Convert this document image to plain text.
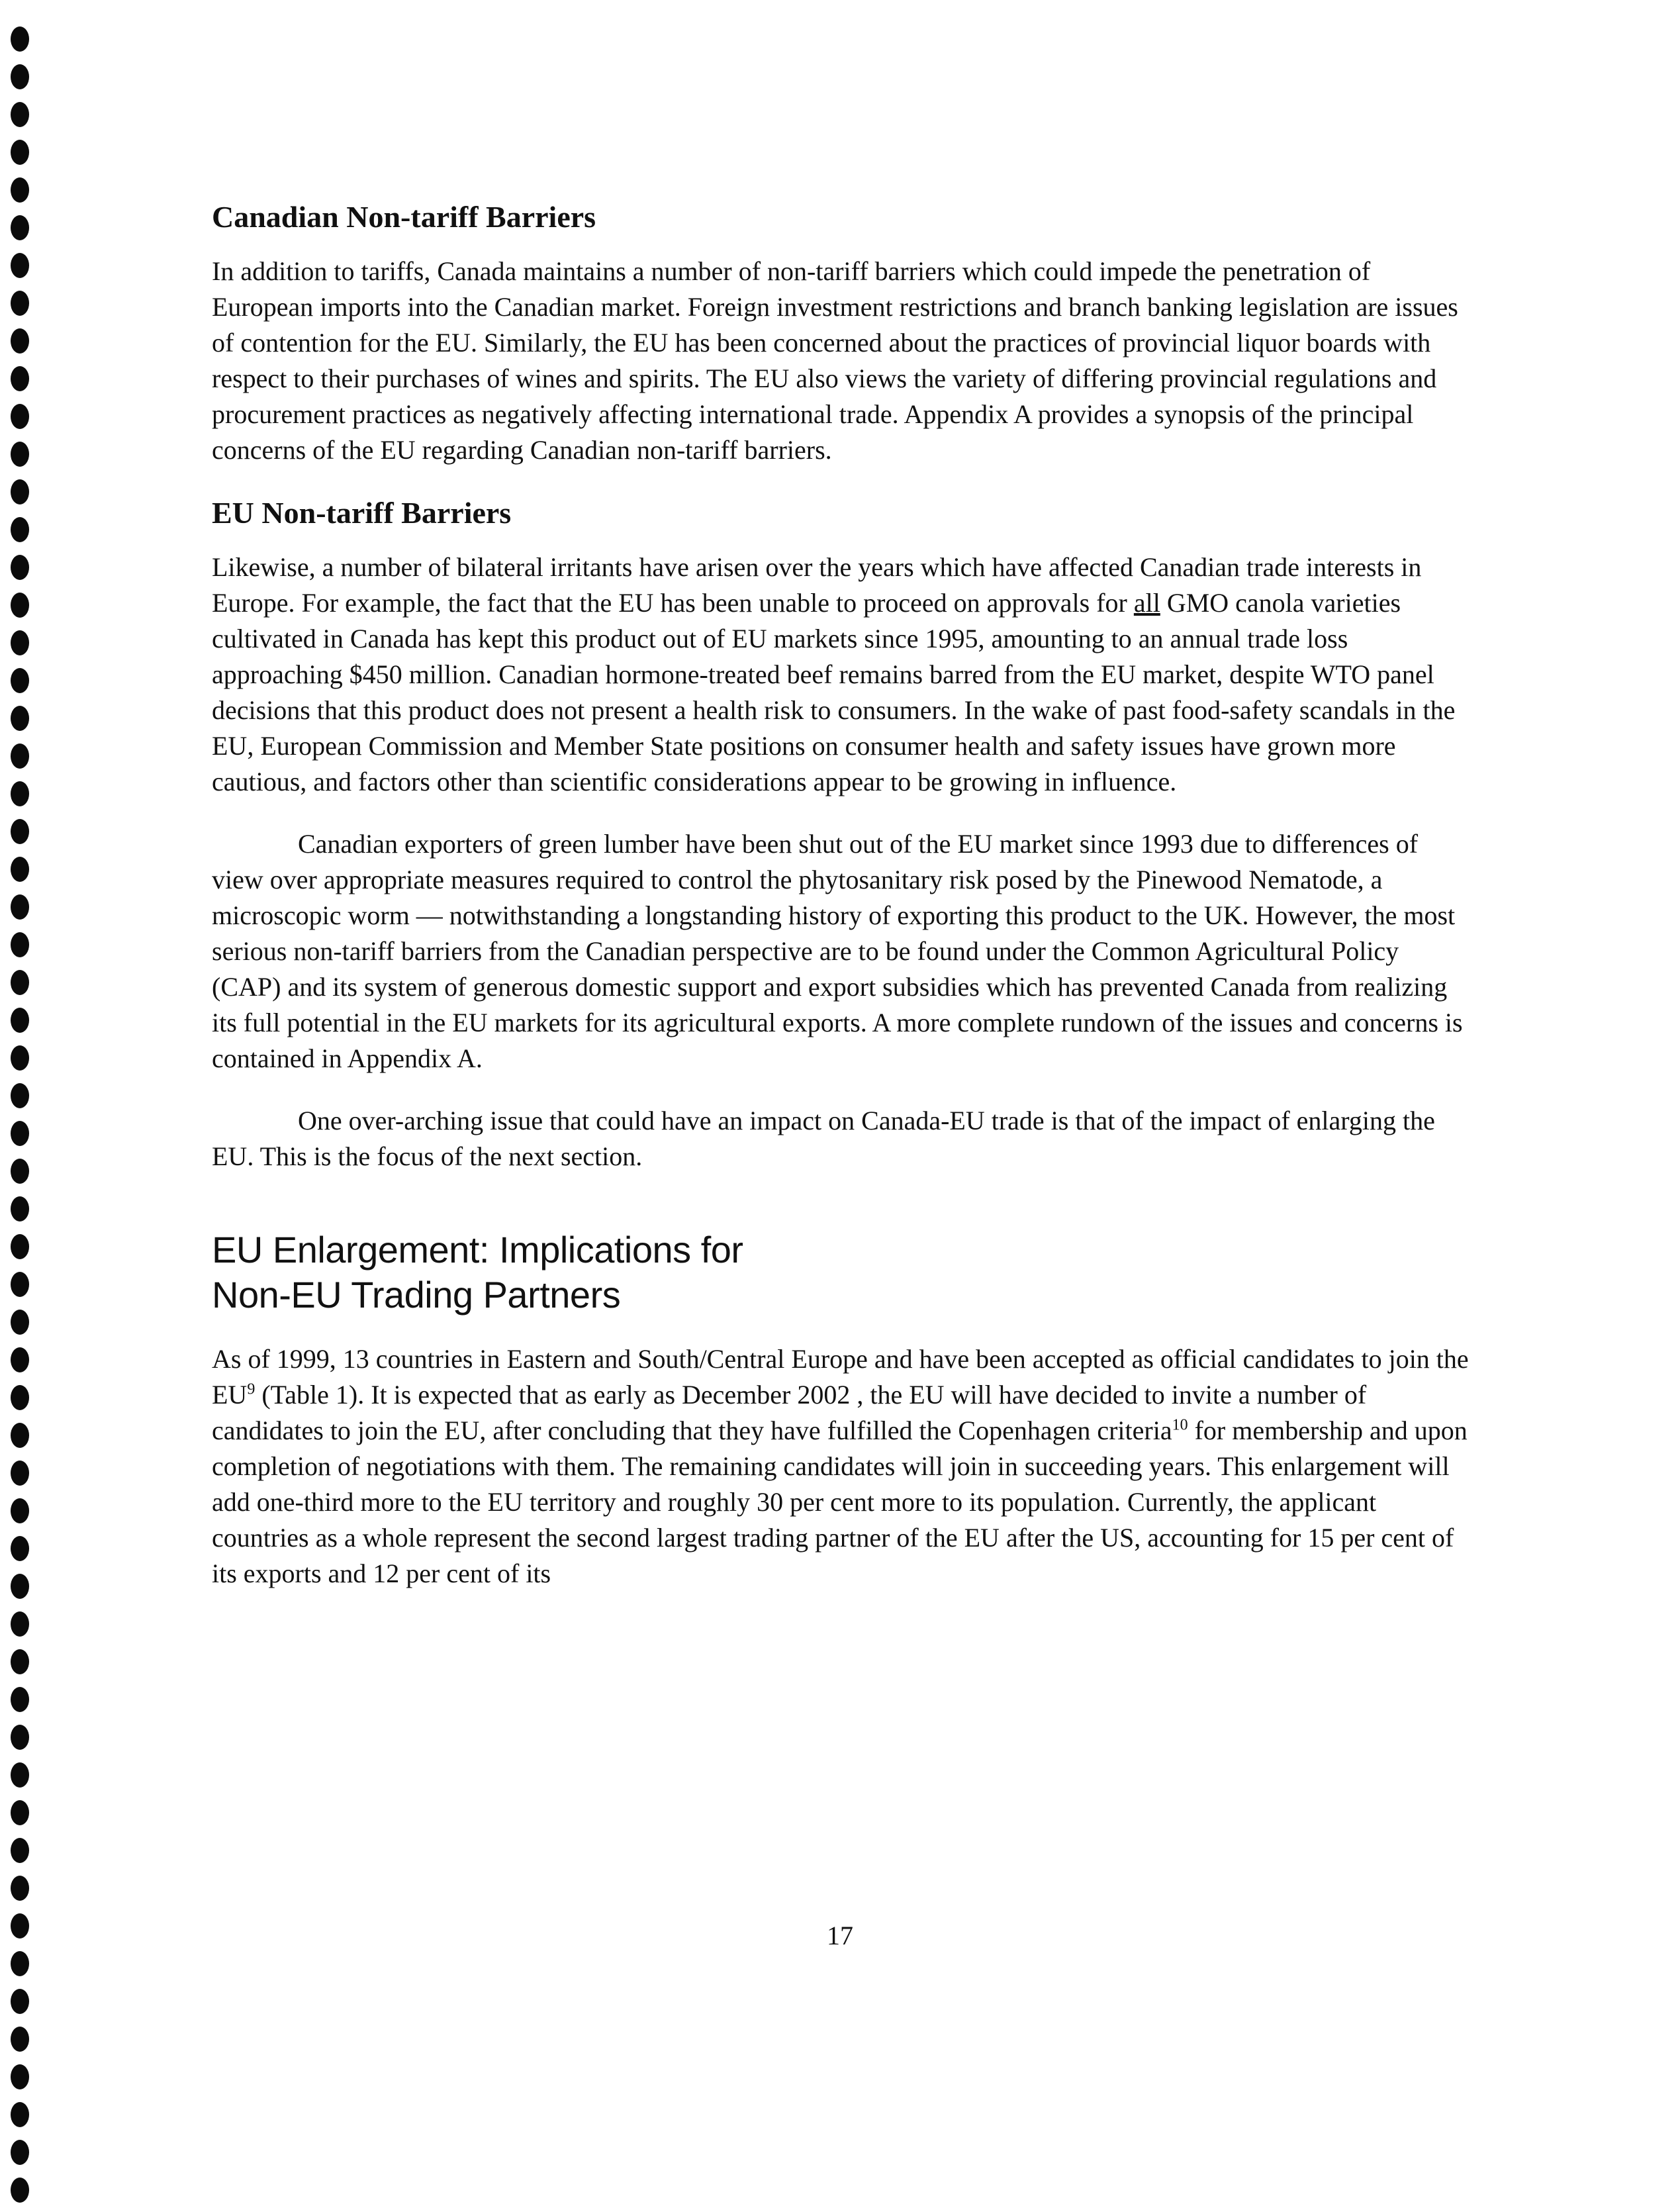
Canadian Non-tariff Barriers

In addition to tariffs, Canada maintains a number of non-tariff barriers which could impede the penetration of European imports into the Canadian market. Foreign investment restrictions and branch banking legislation are issues of contention for the EU. Similarly, the EU has been concerned about the practices of provincial liquor boards with respect to their purchases of wines and spirits. The EU also views the variety of differing provincial regulations and procurement practices as negatively affecting international trade. Appendix A provides a synopsis of the principal concerns of the EU regarding Canadian non-tariff barriers.

EU Non-tariff Barriers

Likewise, a number of bilateral irritants have arisen over the years which have affected Canadian trade interests in Europe. For example, the fact that the EU has been unable to proceed on approvals for all GMO canola varieties cultivated in Canada has kept this product out of EU markets since 1995, amounting to an annual trade loss approaching $450 million. Canadian hormone-treated beef remains barred from the EU market, despite WTO panel decisions that this product does not present a health risk to consumers. In the wake of past food-safety scandals in the EU, European Commission and Member State positions on consumer health and safety issues have grown more cautious, and factors other than scientific considerations appear to be growing in influence.

Canadian exporters of green lumber have been shut out of the EU market since 1993 due to differences of view over appropriate measures required to control the phytosanitary risk posed by the Pinewood Nematode, a microscopic worm — notwithstanding a longstanding history of exporting this product to the UK. However, the most serious non-tariff barriers from the Canadian perspective are to be found under the Common Agricultural Policy (CAP) and its system of generous domestic support and export subsidies which has prevented Canada from realizing its full potential in the EU markets for its agricultural exports. A more complete rundown of the issues and concerns is contained in Appendix A.

One over-arching issue that could have an impact on Canada-EU trade is that of the impact of enlarging the EU. This is the focus of the next section.

EU Enlargement: Implications for
Non-EU Trading Partners

As of 1999, 13 countries in Eastern and South/Central Europe and have been accepted as official candidates to join the $EU^9$ (Table 1). It is expected that as early as December 2002 , the EU will have decided to invite a number of candidates to join the EU, after concluding that they have fulfilled the Copenhagen criteria$^{10}$ for membership and upon completion of negotiations with them. The remaining candidates will join in succeeding years. This enlargement will add one-third more to the EU territory and roughly 30 per cent more to its population. Currently, the applicant countries as a whole represent the second largest trading partner of the EU after the US, accounting for 15 per cent of its exports and 12 per cent of its

17
